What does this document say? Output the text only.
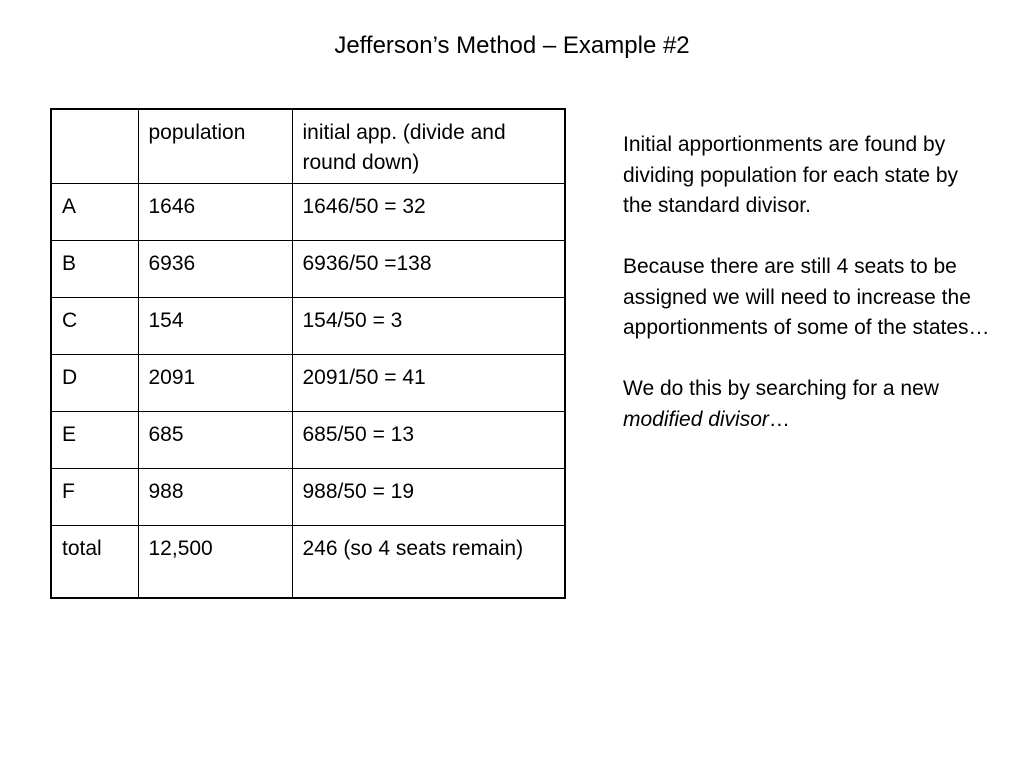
Jefferson’s Method – Example #2
	population	initial app. (divide and round down)
A	1646	1646/50 = 32
B	6936	6936/50 =138
C	154	154/50 = 3
D	2091	2091/50 = 41
E	685	685/50 = 13
F	988	988/50 = 19
total	12,500	246 (so 4 seats remain)

Initial apportionments are found by dividing population for each state by the standard divisor.

Because there are still 4 seats to be assigned we will need to increase the apportionments of some of the states…

We do this by searching for a new modified divisor…
